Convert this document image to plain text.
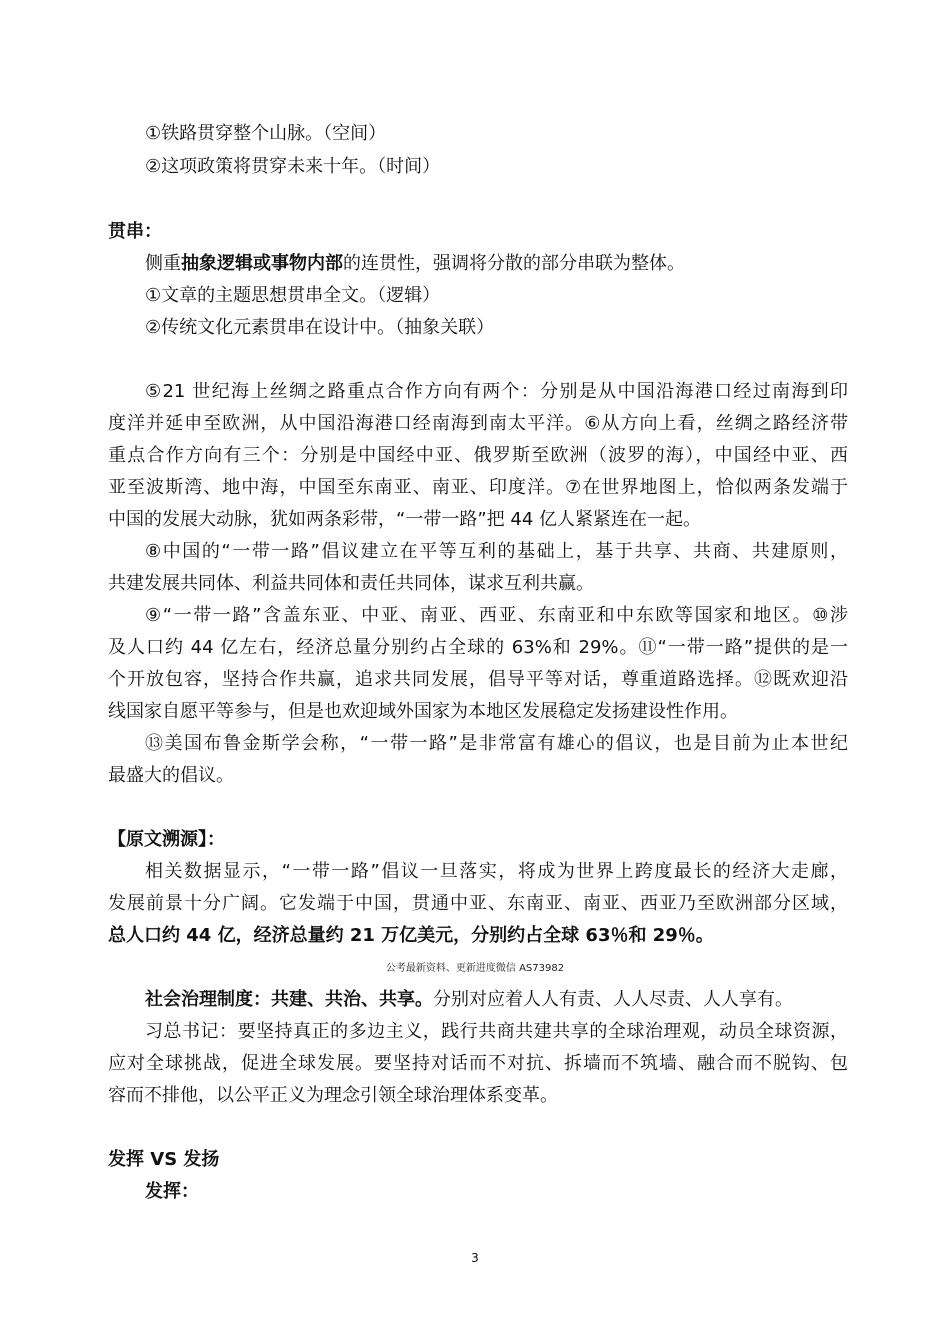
①铁路贯穿整个山脉。（空间）
②这项政策将贯穿未来十年。（时间）
贯串：
侧重抽象逻辑或事物内部的连贯性，强调将分散的部分串联为整体。
①文章的主题思想贯串全文。（逻辑）
②传统文化元素贯串在设计中。（抽象关联）
⑤21 世纪海上丝绸之路重点合作方向有两个：分别是从中国沿海港口经过南海到印
度洋并延申至欧洲，从中国沿海港口经南海到南太平洋。⑥从方向上看，丝绸之路经济带
重点合作方向有三个：分别是中国经中亚、俄罗斯至欧洲（波罗的海），中国经中亚、西
亚至波斯湾、地中海，中国至东南亚、南亚、印度洋。⑦在世界地图上，恰似两条发端于
中国的发展大动脉，犹如两条彩带，“一带一路”把 44 亿人紧紧连在一起。
⑧中国的“一带一路”倡议建立在平等互利的基础上，基于共享、共商、共建原则，
共建发展共同体、利益共同体和责任共同体，谋求互利共赢。
⑨“一带一路”含盖东亚、中亚、南亚、西亚、东南亚和中东欧等国家和地区。⑩涉
及人口约 44 亿左右，经济总量分别约占全球的 63%和 29%。⑪“一带一路”提供的是一
个开放包容，坚持合作共赢，追求共同发展，倡导平等对话，尊重道路选择。⑫既欢迎沿
线国家自愿平等参与，但是也欢迎域外国家为本地区发展稳定发扬建设性作用。
⑬美国布鲁金斯学会称，“一带一路”是非常富有雄心的倡议，也是目前为止本世纪
最盛大的倡议。
【原文溯源】：
相关数据显示，“一带一路”倡议一旦落实，将成为世界上跨度最长的经济大走廊，
发展前景十分广阔。它发端于中国，贯通中亚、东南亚、南亚、西亚乃至欧洲部分区域，
总人口约 44 亿，经济总量约 21 万亿美元，分别约占全球 63％和 29％。
公考最新资料、更新进度微信 AS73982
社会治理制度：共建、共治、共享。分别对应着人人有责、人人尽责、人人享有。
习总书记：要坚持真正的多边主义，践行共商共建共享的全球治理观，动员全球资源，
应对全球挑战，促进全球发展。要坚持对话而不对抗、拆墙而不筑墙、融合而不脱钩、包
容而不排他，以公平正义为理念引领全球治理体系变革。
发挥 VS 发扬
发挥：
3
